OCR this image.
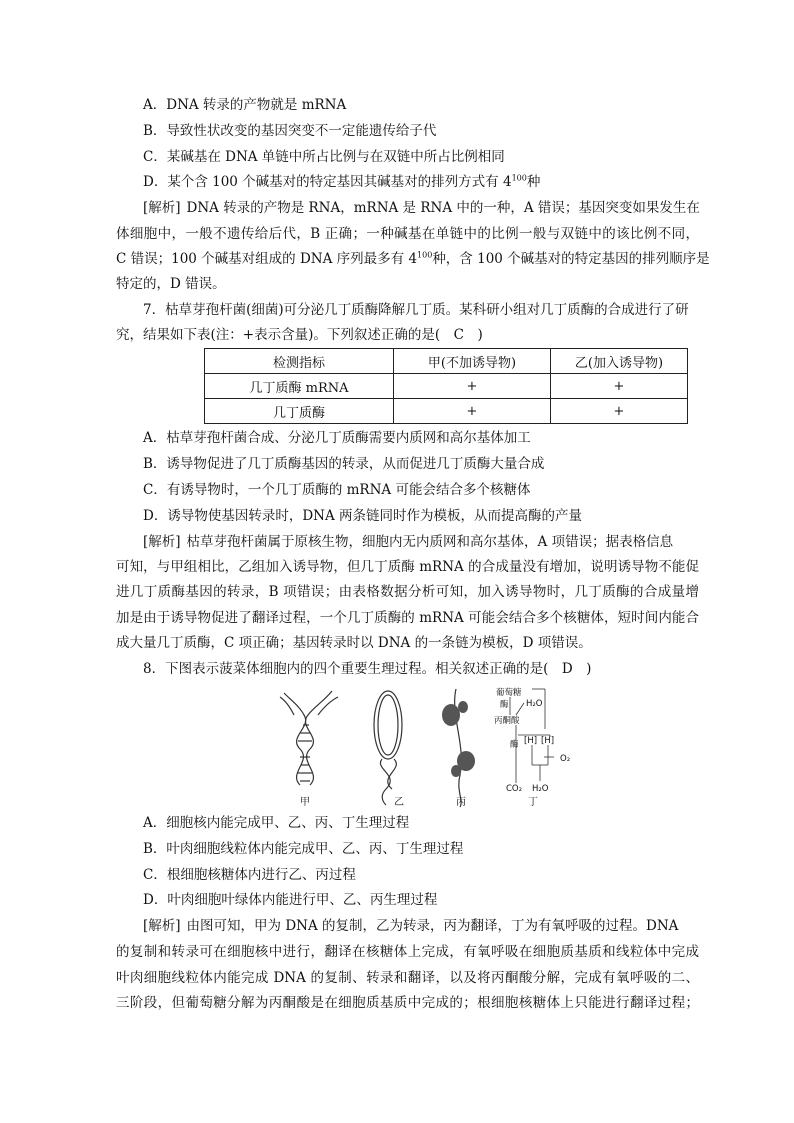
A．DNA 转录的产物就是 mRNA
B．导致性状改变的基因突变不一定能遗传给子代
C．某碱基在 DNA 单链中所占比例与在双链中所占比例相同
D．某个含 100 个碱基对的特定基因其碱基对的排列方式有 $4^{100}$种
[解析] DNA 转录的产物是 RNA，mRNA 是 RNA 中的一种，A 错误；基因突变如果发生在
体细胞中，一般不遗传给后代，B 正确；一种碱基在单链中的比例一般与双链中的该比例不同，
C 错误；100 个碱基对组成的 DNA 序列最多有 $4^{100}$种，含 100 个碱基对的特定基因的排列顺序是
特定的，D 错误。
7．枯草芽孢杆菌(细菌)可分泌几丁质酶降解几丁质。某科研小组对几丁质酶的合成进行了研
究，结果如下表(注：+表示含量)。下列叙述正确的是(　C　)
检测指标	甲(不加诱导物)	乙(加入诱导物)
几丁质酶 mRNA	+	+
几丁质酶	+	+
A．枯草芽孢杆菌合成、分泌几丁质酶需要内质网和高尔基体加工
B．诱导物促进了几丁质酶基因的转录，从而促进几丁质酶大量合成
C．有诱导物时，一个几丁质酶的 mRNA 可能会结合多个核糖体
D．诱导物使基因转录时，DNA 两条链同时作为模板，从而提高酶的产量
[解析] 枯草芽孢杆菌属于原核生物，细胞内无内质网和高尔基体，A 项错误；据表格信息
可知，与甲组相比，乙组加入诱导物，但几丁质酶 mRNA 的合成量没有增加，说明诱导物不能促
进几丁质酶基因的转录，B 项错误；由表格数据分析可知，加入诱导物时，几丁质酶的合成量增
加是由于诱导物促进了翻译过程，一个几丁质酶的 mRNA 可能会结合多个核糖体，短时间内能合
成大量几丁质酶，C 项正确；基因转录时以 DNA 的一条链为模板，D 项错误。
8．下图表示菠菜体细胞内的四个重要生理过程。相关叙述正确的是(　D　)
葡萄糖
酶 H₂O
丙酮酸
酶 [H] [H]
O₂
CO₂ H₂O
甲	乙	丙	丁
A．细胞核内能完成甲、乙、丙、丁生理过程
B．叶肉细胞线粒体内能完成甲、乙、丙、丁生理过程
C．根细胞核糖体内进行乙、丙过程
D．叶肉细胞叶绿体内能进行甲、乙、丙生理过程
[解析] 由图可知，甲为 DNA 的复制，乙为转录，丙为翻译，丁为有氧呼吸的过程。DNA
的复制和转录可在细胞核中进行，翻译在核糖体上完成，有氧呼吸在细胞质基质和线粒体中完成
叶肉细胞线粒体内能完成 DNA 的复制、转录和翻译，以及将丙酮酸分解，完成有氧呼吸的二、
三阶段，但葡萄糖分解为丙酮酸是在细胞质基质中完成的；根细胞核糖体上只能进行翻译过程；
